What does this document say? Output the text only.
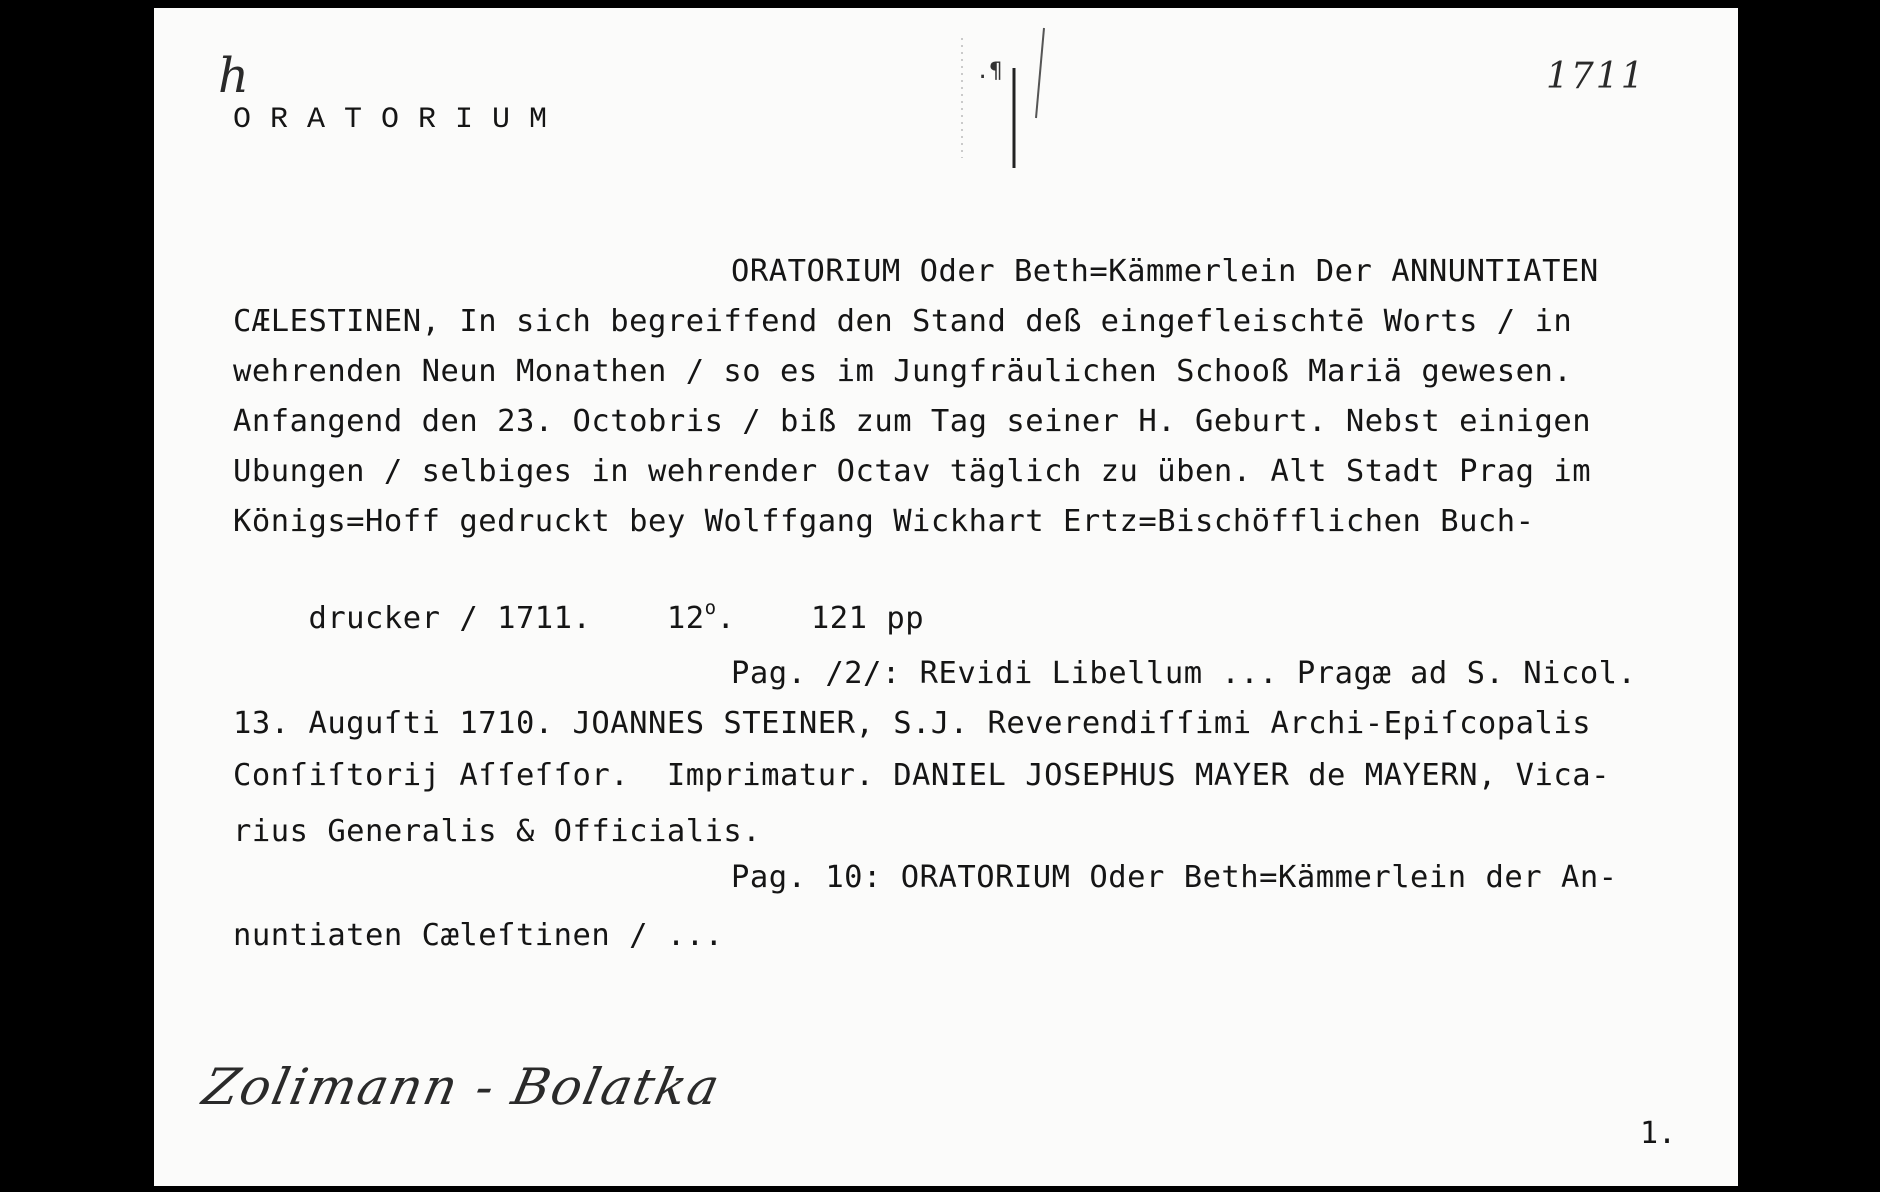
h	1711
.¶
ORATORIUM
ORATORIUM Oder Beth=Kämmerlein Der ANNUNTIATEN
CÆLESTINEN, In sich begreiffend den Stand deß eingefleischtē Worts / in
wehrenden Neun Monathen / so es im Jungfräulichen Schooß Mariä gewesen.
Anfangend den 23. Octobris / biß zum Tag seiner H. Geburt. Nebst einigen
Ubungen / selbiges in wehrender Octav täglich zu üben. Alt Stadt Prag im
Königs=Hoff gedruckt bey Wolffgang Wickhart Ertz=Bischöfflichen Buch-

drucker / 1711. 12$^o$. 121 pp

Pag. /2/: REvidi Libellum ... Pragæ ad S. Nicol.
13. Auguſti 1710. JOANNES STEINER, S.J. Reverendiſſimi Archi-Epiſcopalis
Conſiſtorij Aſſeſſor.  Imprimatur. DANIEL JOSEPHUS MAYER de MAYERN, Vica-
rius Generalis & Officialis.
Pag. 10: ORATORIUM Oder Beth=Kämmerlein der An-
nuntiaten Cæleſtinen / ...
Zolimann - Bolatka
1.
